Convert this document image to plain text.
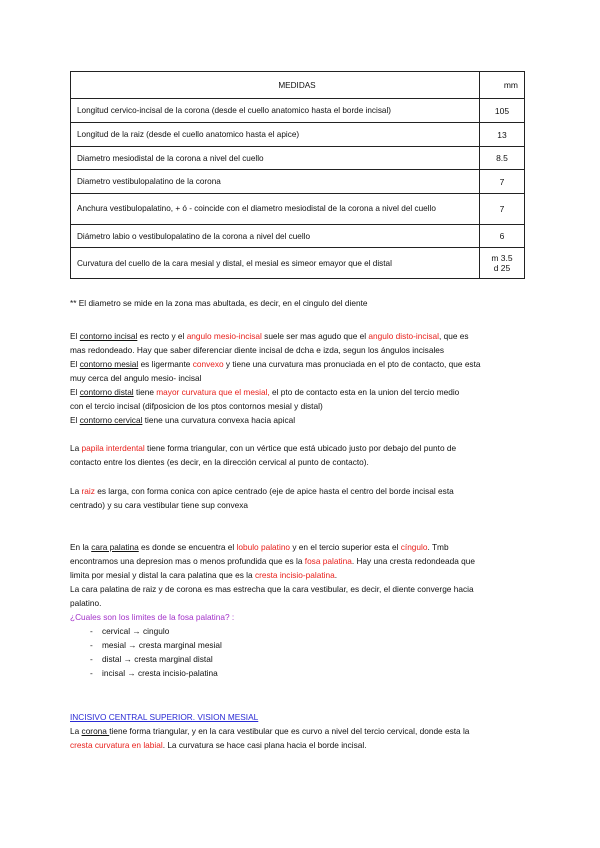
MEDIDAS	mm
Longitud cervico-incisal de la corona (desde el cuello anatomico hasta el borde incisal)	105
Longitud de la raiz (desde el cuello anatomico hasta el apice)	13
Diametro mesiodistal de la corona a nivel del cuello	8.5
Diametro vestibulopalatino de la corona	7
Anchura vestibulopalatino, + ó - coincide con el diametro mesiodistal de la corona a nivel del cuello	7
Diámetro labio o vestibulopalatino de la corona a nivel del cuello	6
Curvatura del cuello de la cara mesial y distal, el mesial es simeor emayor que el distal	m 3.5
d 25
** El diametro se mide en la zona mas abultada, es decir, en el cingulo del diente
El contorno incisal es recto y el angulo mesio-incisal suele ser mas agudo que el angulo disto-incisal, que es
mas redondeado. Hay que saber diferenciar diente incisal de dcha e izda, segun los ángulos incisales
El contorno mesial es ligermante convexo y tiene una curvatura mas pronuciada en el pto de contacto, que esta
muy cerca del angulo mesio- incisal
El contorno distal tiene mayor curvatura que el mesial, el pto de contacto esta en la union del tercio medio
con el tercio incisal (difposicion de los ptos contornos mesial y distal)
El contorno cervical tiene una curvatura convexa hacia apical
La papila interdental tiene forma triangular, con un vértice que está ubicado justo por debajo del punto de
contacto entre los dientes (es decir, en la dirección cervical al punto de contacto).
La raiz es larga, con forma conica con apice centrado (eje de apice hasta el centro del borde incisal esta
centrado) y su cara vestibular tiene sup convexa
En la cara palatina es donde se encuentra el lobulo palatino y en el tercio superior esta el cíngulo. Tmb
encontramos una depresion mas o menos profundida que es la fosa palatina. Hay una cresta redondeada que
limita por mesial y distal la cara palatina que es la cresta incisio-palatina.
La cara palatina de raiz y de corona es mas estrecha que la cara vestibular, es decir, el diente converge hacia
palatino.
¿Cuales son los limites de la fosa palatina? :
- cervical → cingulo
- mesial → cresta marginal mesial
- distal → cresta marginal distal
- incisal → cresta incisio-palatina
INCISIVO CENTRAL SUPERIOR. VISION MESIAL
La corona tiene forma triangular, y en la cara vestibular que es curvo a nivel del tercio cervical, donde esta la
cresta curvatura en labial. La curvatura se hace casi plana hacia el borde incisal.
